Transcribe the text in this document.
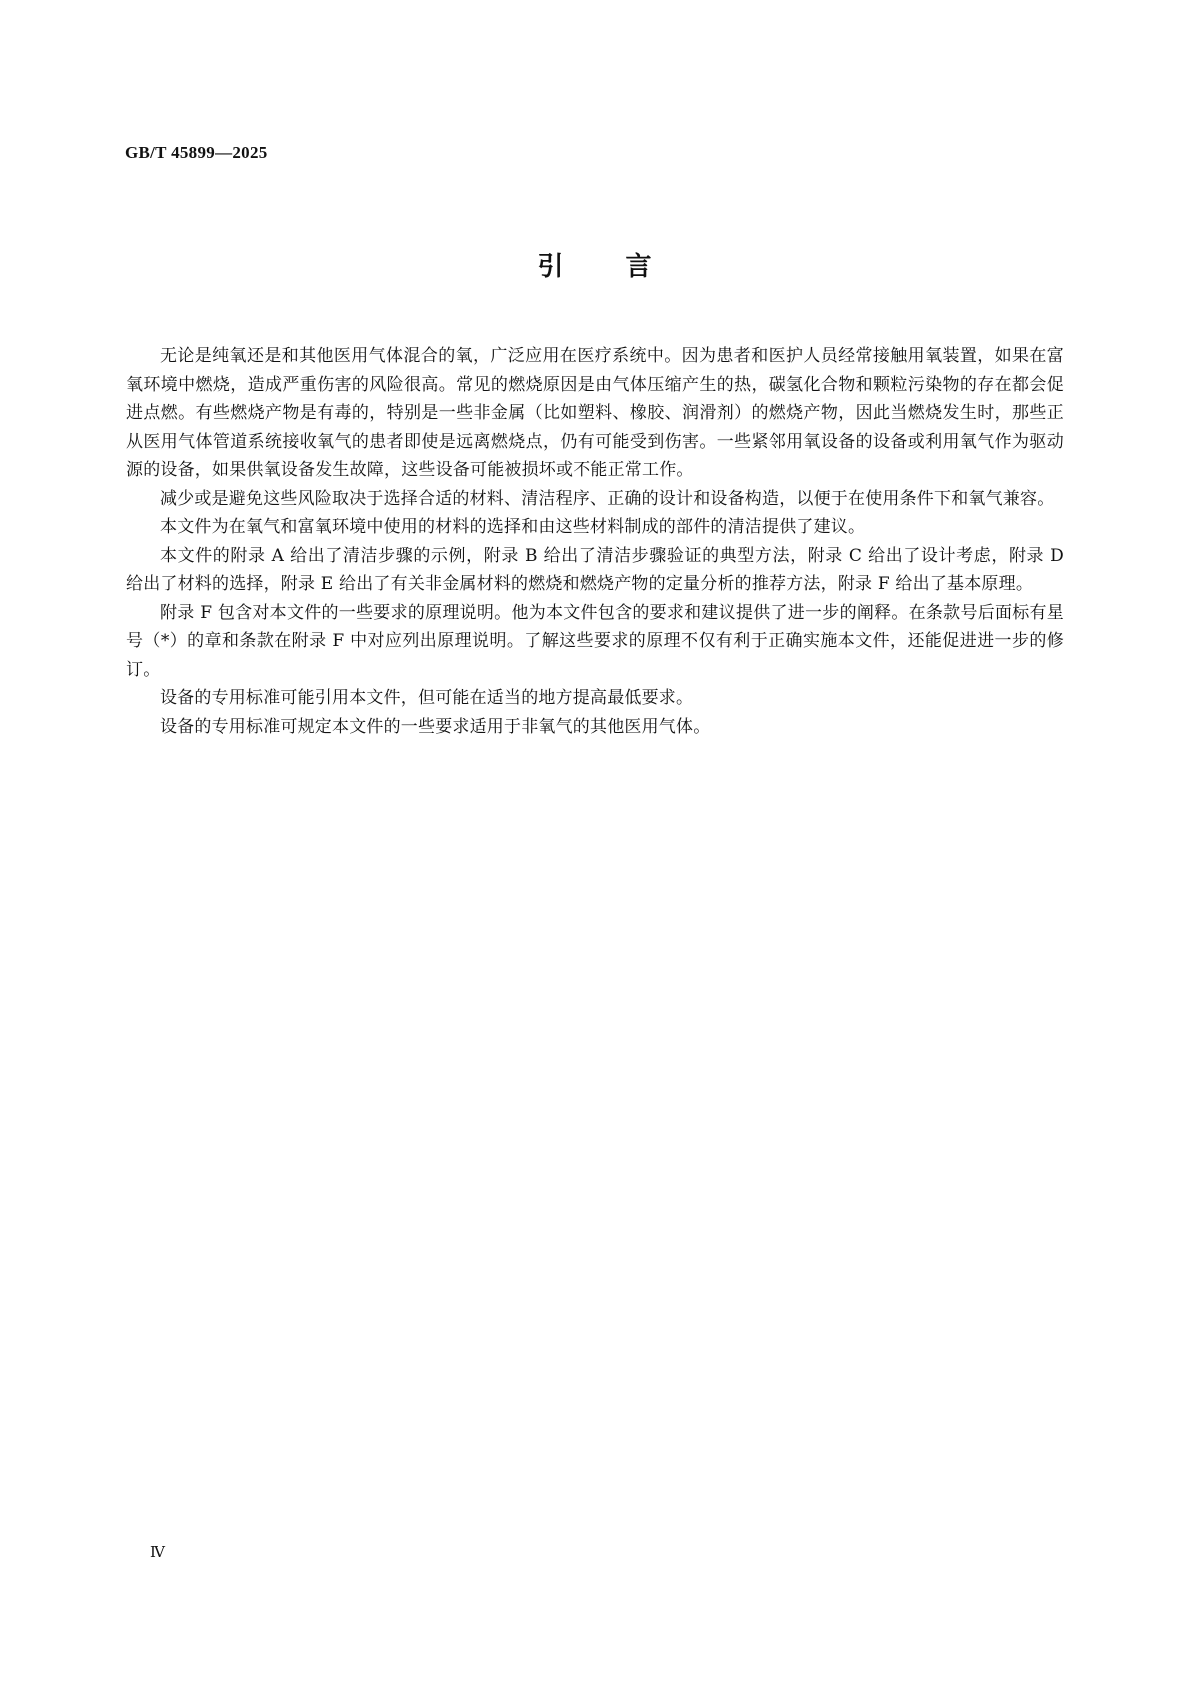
GB/T 45899—2025
引 言

无论是纯氧还是和其他医用气体混合的氧，广泛应用在医疗系统中。因为患者和医护人员经常接触用氧装置，如果在富氧环境中燃烧，造成严重伤害的风险很高。常见的燃烧原因是由气体压缩产生的热，碳氢化合物和颗粒污染物的存在都会促进点燃。有些燃烧产物是有毒的，特别是一些非金属（比如塑料、橡胶、润滑剂）的燃烧产物，因此当燃烧发生时，那些正从医用气体管道系统接收氧气的患者即使是远离燃烧点，仍有可能受到伤害。一些紧邻用氧设备的设备或利用氧气作为驱动源的设备，如果供氧设备发生故障，这些设备可能被损坏或不能正常工作。

减少或是避免这些风险取决于选择合适的材料、清洁程序、正确的设计和设备构造，以便于在使用条件下和氧气兼容。

本文件为在氧气和富氧环境中使用的材料的选择和由这些材料制成的部件的清洁提供了建议。

本文件的附录 A 给出了清洁步骤的示例，附录 B 给出了清洁步骤验证的典型方法，附录 C 给出了设计考虑，附录 D 给出了材料的选择，附录 E 给出了有关非金属材料的燃烧和燃烧产物的定量分析的推荐方法，附录 F 给出了基本原理。

附录 F 包含对本文件的一些要求的原理说明。他为本文件包含的要求和建议提供了进一步的阐释。在条款号后面标有星号（*）的章和条款在附录 F 中对应列出原理说明。了解这些要求的原理不仅有利于正确实施本文件，还能促进进一步的修订。

设备的专用标准可能引用本文件，但可能在适当的地方提高最低要求。

设备的专用标准可规定本文件的一些要求适用于非氧气的其他医用气体。

Ⅳ
